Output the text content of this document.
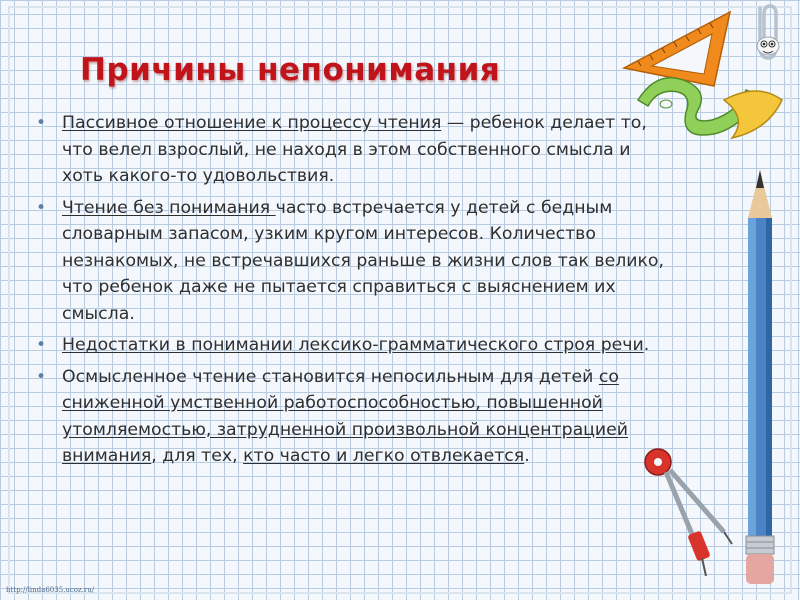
Причины непонимания
• Пассивное отношение к процессу чтения — ребенок делает то, что велел взрослый, не находя в этом собственного смысла и хоть какого-то удовольствия.
• Чтение без понимания часто встречается у детей с бедным словарным запасом, узким кругом интересов. Количество незнакомых, не встречавшихся раньше в жизни слов так велико, что ребенок даже не пытается справиться с выяснением их смысла.
• Недостатки в понимании лексико-грамматического строя речи.
• Осмысленное чтение становится непосильным для детей со сниженной умственной работоспособностью, повышенной утомляемостью, затрудненной произвольной концентрацией внимания, для тех, кто часто и легко отвлекается.
http://linda6035.ucoz.ru/
